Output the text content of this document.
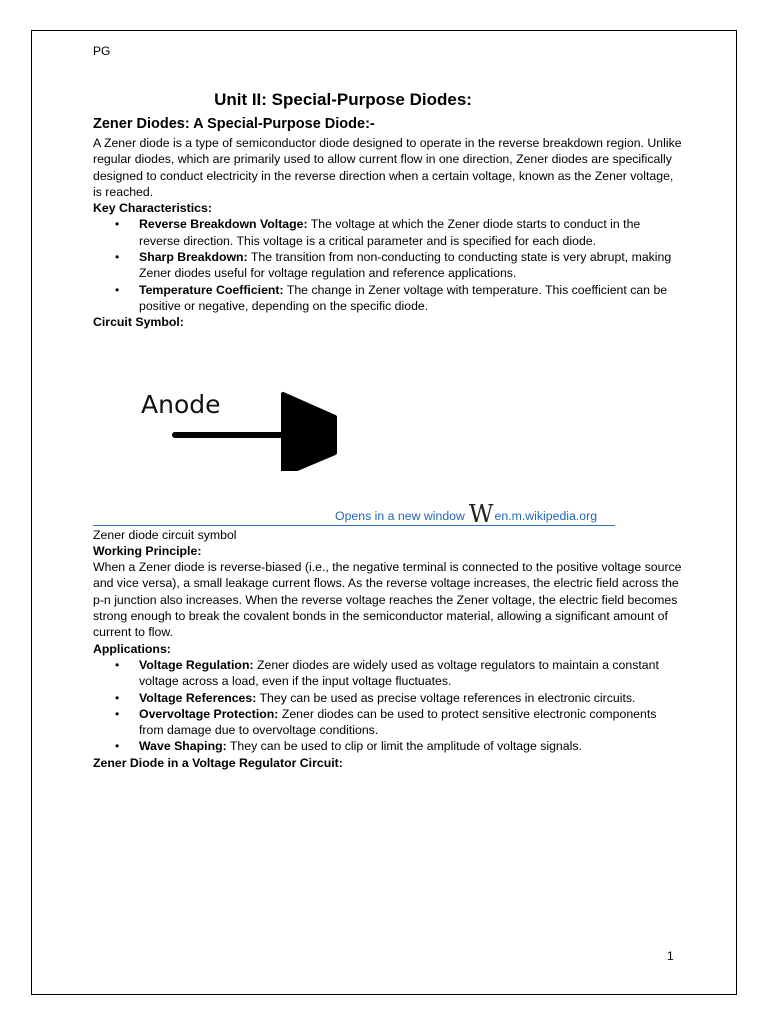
PG
Unit II: Special-Purpose Diodes:
Zener Diodes: A Special-Purpose Diode:-

A Zener diode is a type of semiconductor diode designed to operate in the reverse breakdown region. Unlike regular diodes, which are primarily used to allow current flow in one direction, Zener diodes are specifically designed to conduct electricity in the reverse direction when a certain voltage, known as the Zener voltage, is reached.

Key Characteristics:

• Reverse Breakdown Voltage: The voltage at which the Zener diode starts to conduct in the reverse direction. This voltage is a critical parameter and is specified for each diode.
• Sharp Breakdown: The transition from non-conducting to conducting state is very abrupt, making Zener diodes useful for voltage regulation and reference applications.
• Temperature Coefficient: The change in Zener voltage with temperature. This coefficient can be positive or negative, depending on the specific diode.

Circuit Symbol:

Anode
Opens in a new window Wen.m.wikipedia.org

Zener diode circuit symbol

Working Principle:

When a Zener diode is reverse-biased (i.e., the negative terminal is connected to the positive voltage source and vice versa), a small leakage current flows. As the reverse voltage increases, the electric field across the p-n junction also increases. When the reverse voltage reaches the Zener voltage, the electric field becomes strong enough to break the covalent bonds in the semiconductor material, allowing a significant amount of current to flow.

Applications:

• Voltage Regulation: Zener diodes are widely used as voltage regulators to maintain a constant voltage across a load, even if the input voltage fluctuates.
• Voltage References: They can be used as precise voltage references in electronic circuits.
• Overvoltage Protection: Zener diodes can be used to protect sensitive electronic components from damage due to overvoltage conditions.
• Wave Shaping: They can be used to clip or limit the amplitude of voltage signals.

Zener Diode in a Voltage Regulator Circuit:

1
